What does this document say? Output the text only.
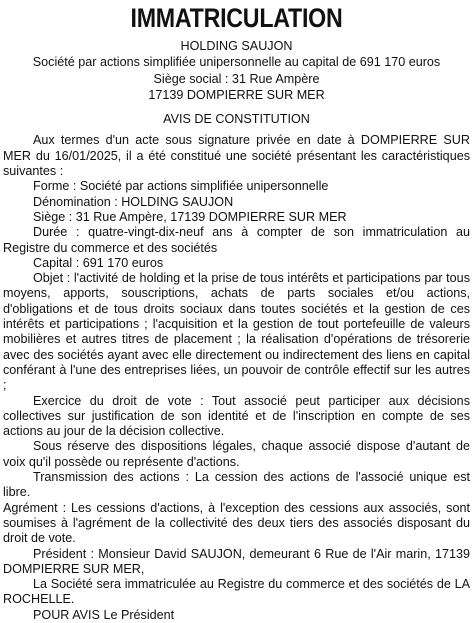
IMMATRICULATION
HOLDING SAUJON
Société par actions simplifiée unipersonnelle au capital de 691 170 euros
Siège social : 31 Rue Ampère
17139 DOMPIERRE SUR MER
AVIS DE CONSTITUTION

Aux termes d'un acte sous signature privée en date à DOMPIERRE SUR MER du 16/01/2025, il a été constitué une société présentant les caractéristiques suivantes :

Forme : Société par actions simplifiée unipersonnelle

Dénomination : HOLDING SAUJON

Siège : 31 Rue Ampère, 17139 DOMPIERRE SUR MER

Durée : quatre-vingt-dix-neuf ans à compter de son immatriculation au Registre du commerce et des sociétés

Capital : 691 170 euros

Objet : l'activité de holding et la prise de tous intérêts et participations par tous moyens, apports, souscriptions, achats de parts sociales et/ou actions, d'obligations et de tous droits sociaux dans toutes sociétés et la gestion de ces intérêts et participations ; l'acquisition et la gestion de tout portefeuille de valeurs mobilières et autres titres de placement ; la réalisation d'opérations de trésorerie avec des sociétés ayant avec elle directement ou indirectement des liens en capital conférant à l'une des entreprises liées, un pouvoir de contrôle effectif sur les autres ;

Exercice du droit de vote : Tout associé peut participer aux décisions collectives sur justification de son identité et de l'inscription en compte de ses actions au jour de la décision collective.

Sous réserve des dispositions légales, chaque associé dispose d'autant de voix qu'il possède ou représente d'actions.

Transmission des actions : La cession des actions de l'associé unique est libre.

Agrément : Les cessions d'actions, à l'exception des cessions aux associés, sont soumises à l'agrément de la collectivité des deux tiers des associés disposant du droit de vote.

Président : Monsieur David SAUJON, demeurant 6 Rue de l'Air marin, 17139 DOMPIERRE SUR MER,

La Société sera immatriculée au Registre du commerce et des sociétés de LA ROCHELLE.

POUR AVIS Le Président
